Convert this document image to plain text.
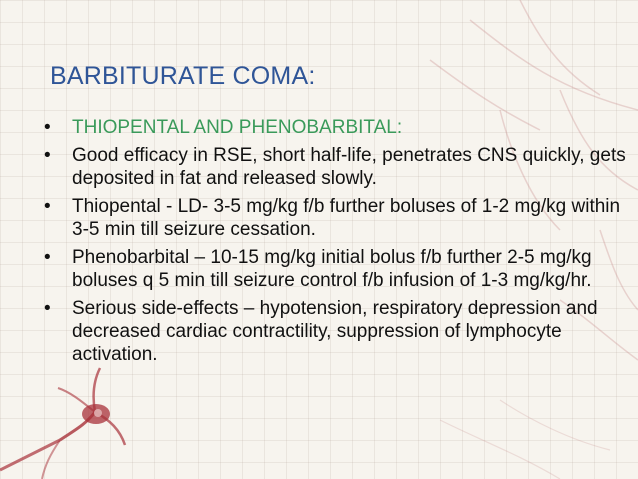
BARBITURATE COMA:
• THIOPENTAL AND PHENOBARBITAL:
• Good efficacy in RSE, short half-life, penetrates CNS quickly, gets deposited in fat and released slowly.
• Thiopental - LD- 3-5 mg/kg f/b further boluses of 1-2 mg/kg within 3-5 min till seizure cessation.
• Phenobarbital – 10-15 mg/kg initial bolus f/b further 2-5 mg/kg boluses q 5 min till seizure control f/b infusion of 1-3 mg/kg/hr.
• Serious side-effects – hypotension, respiratory depression and decreased cardiac contractility, suppression of lymphocyte activation.
